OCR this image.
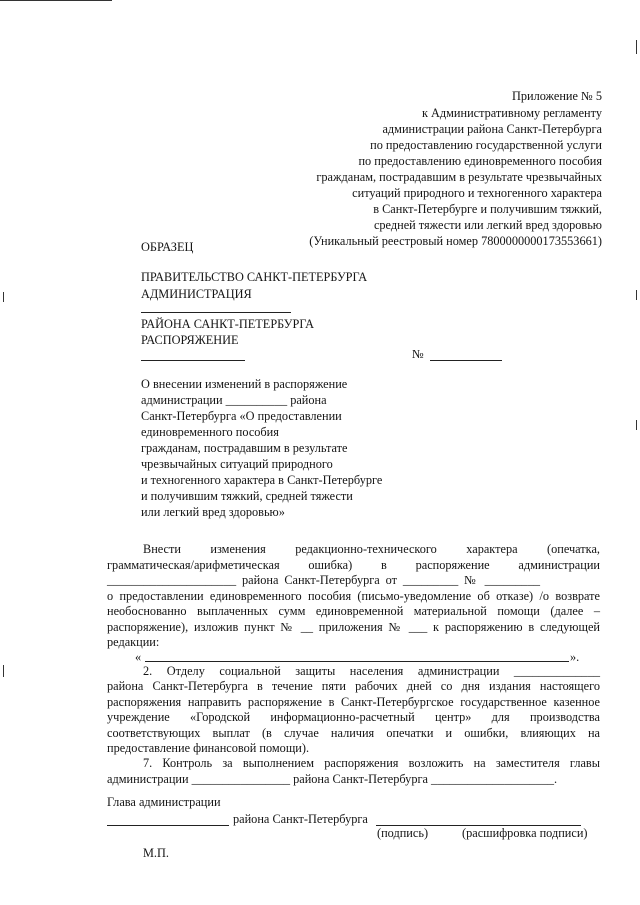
Приложение № 5
к Административному регламенту
администрации района Санкт-Петербурга
по предоставлению государственной услуги
по предоставлению единовременного пособия
гражданам, пострадавшим в результате чрезвычайных
ситуаций природного и техногенного характера
в Санкт-Петербурге и получившим тяжкий,
средней тяжести или легкий вред здоровью
(Уникальный реестровый номер 7800000000173553661)
ОБРАЗЕЦ
ПРАВИТЕЛЬСТВО САНКТ-ПЕТЕРБУРГА
АДМИНИСТРАЦИЯ
РАЙОНА САНКТ-ПЕТЕРБУРГА
РАСПОРЯЖЕНИЕ
№
О внесении изменений в распоряжение
администрации __________ района
Санкт-Петербурга «О предоставлении
единовременного пособия
гражданам, пострадавшим в результате
чрезвычайных ситуаций природного
и техногенного характера в Санкт-Петербурге
и получившим тяжкий, средней тяжести
или легкий вред здоровью»
Внести изменения редакционно-технического характера (опечатка,
грамматическая/арифметическая ошибка) в распоряжение администрации
_____________________ района Санкт-Петербурга от _________ № _________
о предоставлении единовременного пособия (письмо-уведомление об отказе) /о возврате
необоснованно выплаченных сумм единовременной материальной помощи (далее –
распоряжение), изложив пункт № __ приложения № ___ к распоряжению в следующей
редакции:
«	».
2. Отделу социальной защиты населения администрации ______________
района Санкт-Петербурга в течение пяти рабочих дней со дня издания настоящего
распоряжения направить распоряжение в Санкт-Петербургское государственное казенное
учреждение «Городской информационно-расчетный центр» для производства
соответствующих выплат (в случае наличия опечатки и ошибки, влияющих на
предоставление финансовой помощи).
7. Контроль за выполнением распоряжения возложить на заместителя главы
администрации ________________ района Санкт-Петербурга ____________________.
Глава администрации
района Санкт-Петербурга
(подпись)	(расшифровка подписи)
М.П.
